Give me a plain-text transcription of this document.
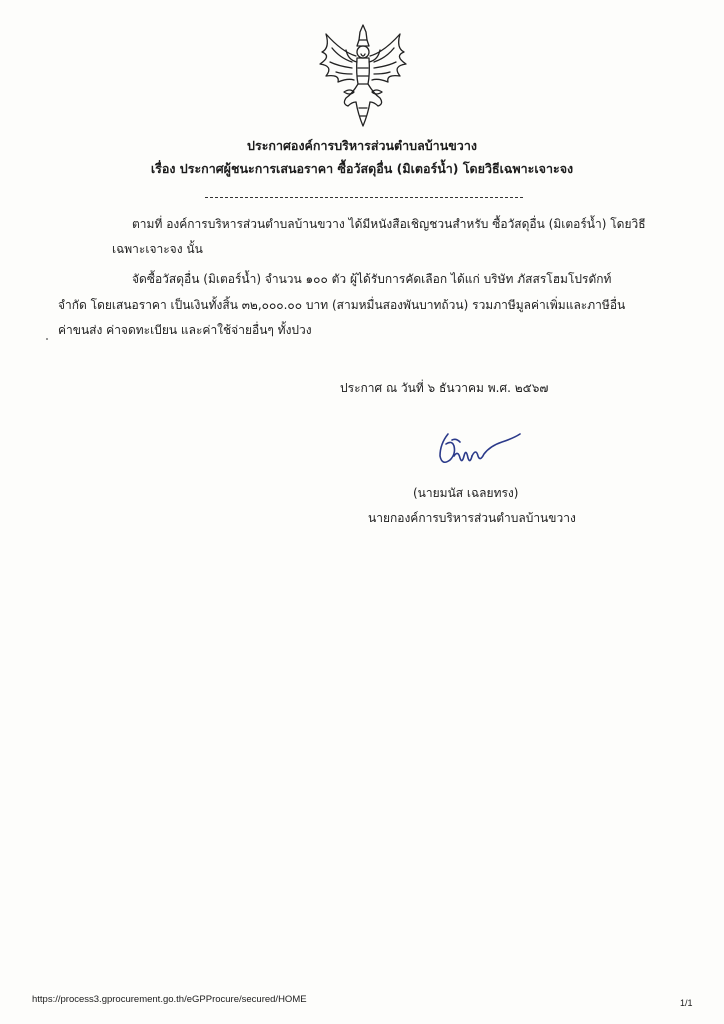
ประกาศองค์การบริหารส่วนตำบลบ้านขวาง
เรื่อง ประกาศผู้ชนะการเสนอราคา ซื้อวัสดุอื่น (มิเตอร์น้ำ) โดยวิธีเฉพาะเจาะจง
ตามที่ องค์การบริหารส่วนตำบลบ้านขวาง ได้มีหนังสือเชิญชวนสำหรับ ซื้อวัสดุอื่น (มิเตอร์น้ำ) โดยวิธี
เฉพาะเจาะจง นั้น
จัดซื้อวัสดุอื่น (มิเตอร์น้ำ) จำนวน ๑๐๐ ตัว ผู้ได้รับการคัดเลือก ได้แก่ บริษัท ภัสสรโฮมโปรดักท์
จำกัด โดยเสนอราคา เป็นเงินทั้งสิ้น ๓๒,๐๐๐.๐๐ บาท (สามหมื่นสองพันบาทถ้วน) รวมภาษีมูลค่าเพิ่มและภาษีอื่น
ค่าขนส่ง ค่าจดทะเบียน และค่าใช้จ่ายอื่นๆ ทั้งปวง
ประกาศ ณ วันที่ ๖ ธันวาคม พ.ศ. ๒๕๖๗
(นายมนัส เฉลยทรง)
นายกองค์การบริหารส่วนตำบลบ้านขวาง
https://process3.gprocurement.go.th/eGPProcure/secured/HOME	1/1
